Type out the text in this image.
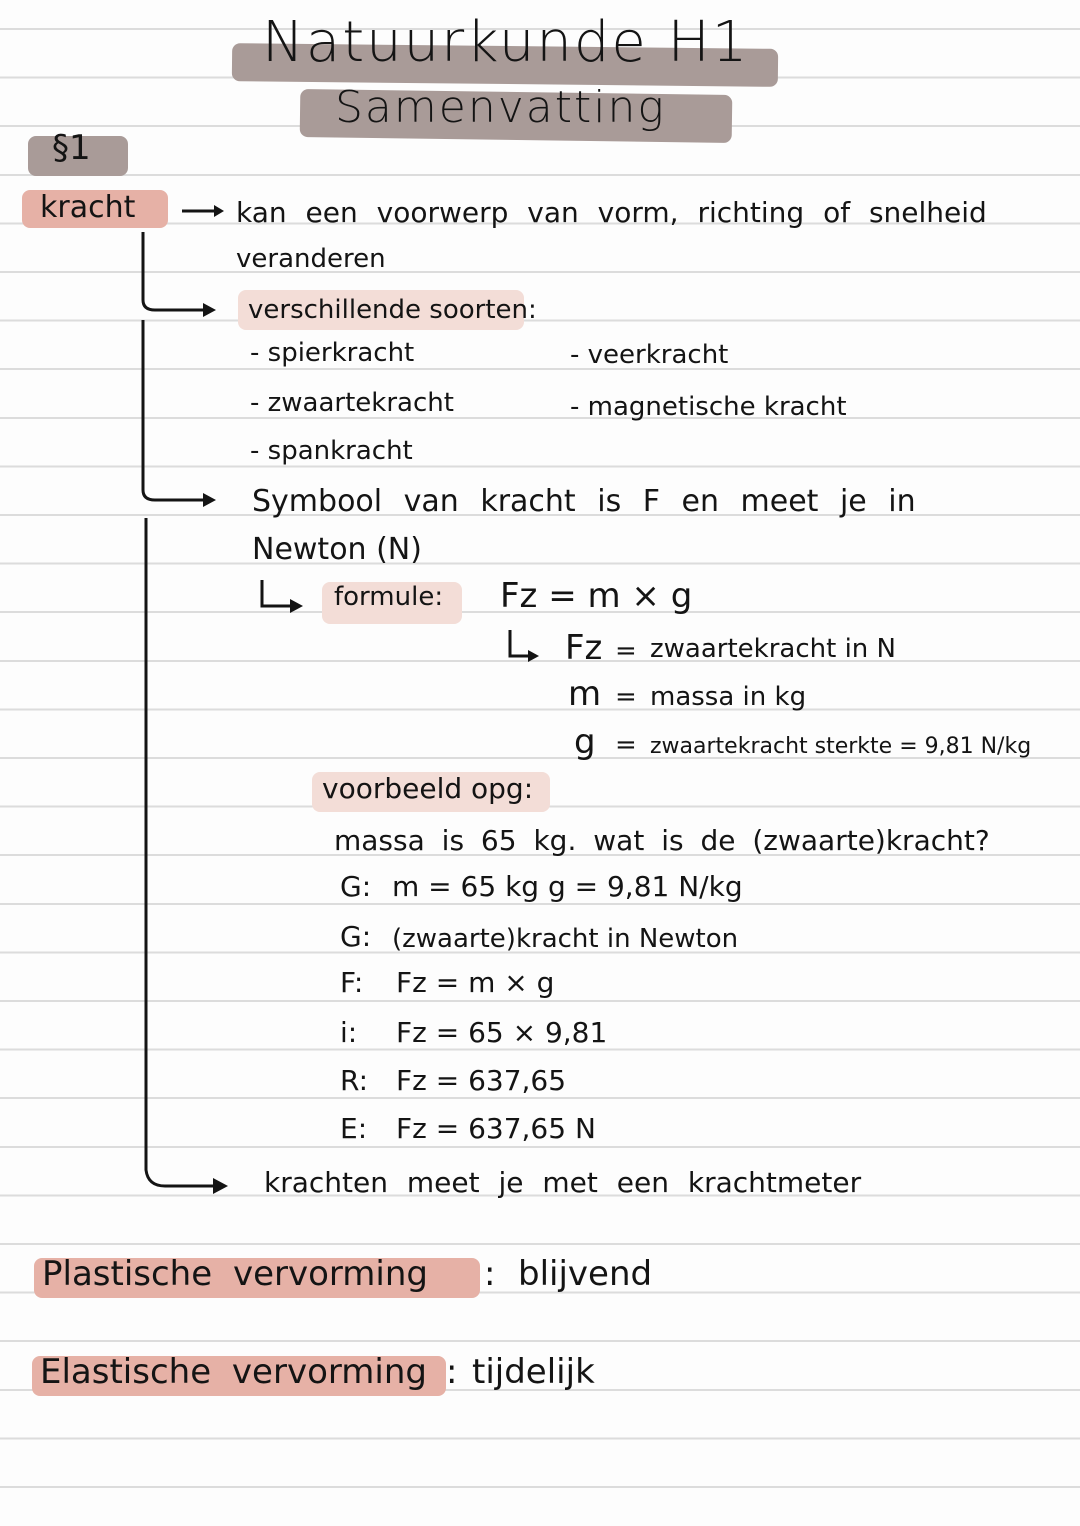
Natuurkunde H1
Samenvatting
§1
kracht	kan een voorwerp van vorm, richting of snelheid
veranderen
verschillende soorten:
- spierkracht
- zwaartekracht
- spankracht
- veerkracht
- magnetische kracht
Symbool van kracht is F en meet je in
Newton (N)
formule: Fz = m × g
Fz = zwaartekracht in N
m = massa in kg
g = zwaartekracht sterkte = 9,81 N/kg
voorbeeld opg:
massa is 65 kg. wat is de (zwaarte)kracht?
G: m = 65 kg g = 9,81 N/kg
G: (zwaarte)kracht in Newton
F: Fz = m × g
i: Fz = 65 × 9,81
R: Fz = 637,65
E: Fz = 637,65 N
krachten meet je met een krachtmeter
Plastische vervorming : blijvend
Elastische vervorming : tijdelijk
